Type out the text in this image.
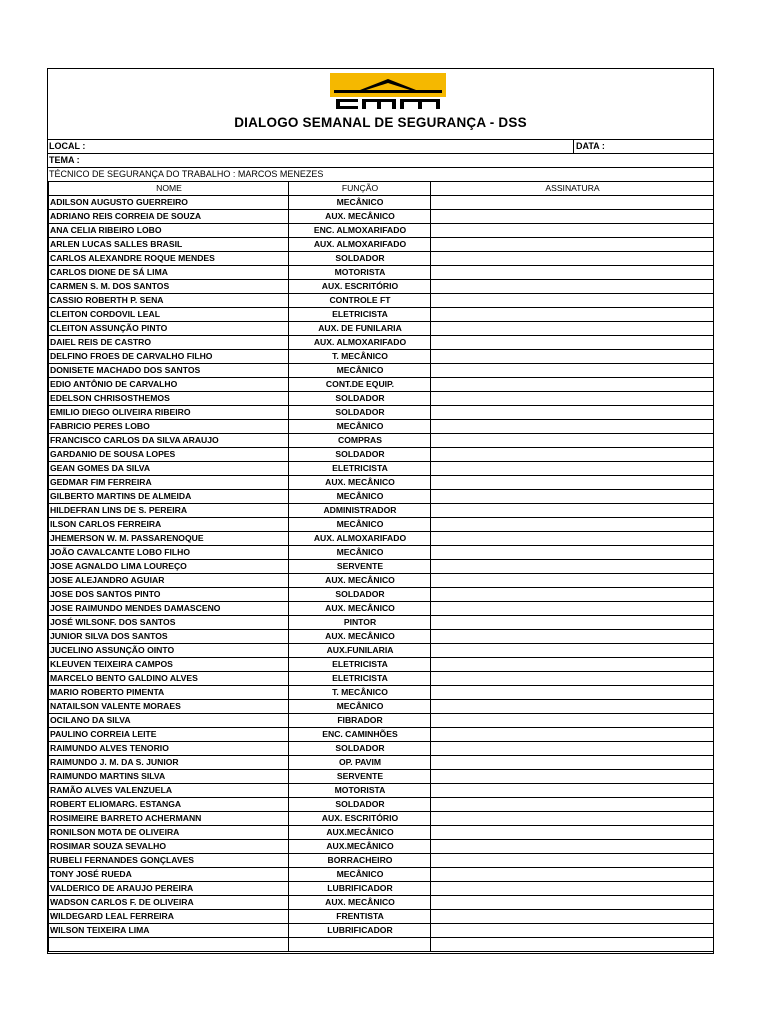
DIALOGO SEMANAL DE SEGURANÇA - DSS
LOCAL :	DATA :
TEMA :
TÉCNICO DE SEGURANÇA DO TRABALHO : MARCOS MENEZES
NOME	FUNÇÃO	ASSINATURA
ADILSON AUGUSTO GUERREIRO	MECÂNICO	
ADRIANO REIS CORREIA DE SOUZA	AUX. MECÂNICO	
ANA CELIA RIBEIRO LOBO	ENC. ALMOXARIFADO	
ARLEN LUCAS SALLES BRASIL	AUX. ALMOXARIFADO	
CARLOS ALEXANDRE ROQUE MENDES	SOLDADOR	
CARLOS DIONE DE SÁ LIMA	MOTORISTA	
CARMEN S. M. DOS SANTOS	AUX. ESCRITÓRIO	
CASSIO ROBERTH P. SENA	CONTROLE FT	
CLEITON CORDOVIL LEAL	ELETRICISTA	
CLEITON ASSUNÇÃO PINTO	AUX. DE FUNILARIA	
DAIEL REIS DE CASTRO	AUX. ALMOXARIFADO	
DELFINO FROES DE CARVALHO FILHO	T. MECÂNICO	
DONISETE MACHADO DOS SANTOS	MECÂNICO	
EDIO ANTÔNIO DE CARVALHO	CONT.DE EQUIP.	
EDELSON CHRISOSTHEMOS	SOLDADOR	
EMILIO DIEGO OLIVEIRA RIBEIRO	SOLDADOR	
FABRICIO PERES LOBO	MECÂNICO	
FRANCISCO CARLOS DA SILVA ARAUJO	COMPRAS	
GARDANIO DE SOUSA LOPES	SOLDADOR	
GEAN GOMES DA SILVA	ELETRICISTA	
GEDMAR FIM FERREIRA	AUX. MECÂNICO	
GILBERTO MARTINS DE ALMEIDA	MECÂNICO	
HILDEFRAN LINS DE S. PEREIRA	ADMINISTRADOR	
ILSON CARLOS FERREIRA	MECÂNICO	
JHEMERSON W. M. PASSARENOQUE	AUX. ALMOXARIFADO	
JOÃO CAVALCANTE LOBO FILHO	MECÂNICO	
JOSE AGNALDO LIMA LOUREÇO	SERVENTE	
JOSE ALEJANDRO AGUIAR	AUX. MECÂNICO	
JOSE DOS SANTOS PINTO	SOLDADOR	
JOSE RAIMUNDO MENDES DAMASCENO	AUX. MECÂNICO	
JOSÉ WILSONF. DOS SANTOS	PINTOR	
JUNIOR SILVA DOS SANTOS	AUX. MECÂNICO	
JUCELINO ASSUNÇÃO OINTO	AUX.FUNILARIA	
KLEUVEN TEIXEIRA CAMPOS	ELETRICISTA	
MARCELO BENTO GALDINO ALVES	ELETRICISTA	
MARIO ROBERTO PIMENTA	T. MECÂNICO	
NATAILSON VALENTE MORAES	MECÂNICO	
OCILANO DA SILVA	FIBRADOR	
PAULINO CORREIA LEITE	ENC. CAMINHÕES	
RAIMUNDO ALVES TENORIO	SOLDADOR	
RAIMUNDO J. M. DA S. JUNIOR	OP. PAVIM	
RAIMUNDO MARTINS SILVA	SERVENTE	
RAMÃO ALVES VALENZUELA	MOTORISTA	
ROBERT ELIOMARG. ESTANGA	SOLDADOR	
ROSIMEIRE BARRETO ACHERMANN	AUX. ESCRITÓRIO	
RONILSON MOTA DE OLIVEIRA	AUX.MECÂNICO	
ROSIMAR SOUZA SEVALHO	AUX.MECÂNICO	
RUBELI FERNANDES GONÇLAVES	BORRACHEIRO	
TONY JOSÉ RUEDA	MECÂNICO	
VALDERICO DE ARAUJO PEREIRA	LUBRIFICADOR	
WADSON CARLOS F. DE OLIVEIRA	AUX. MECÂNICO	
WILDEGARD LEAL FERREIRA	FRENTISTA	
WILSON TEIXEIRA LIMA	LUBRIFICADOR	
